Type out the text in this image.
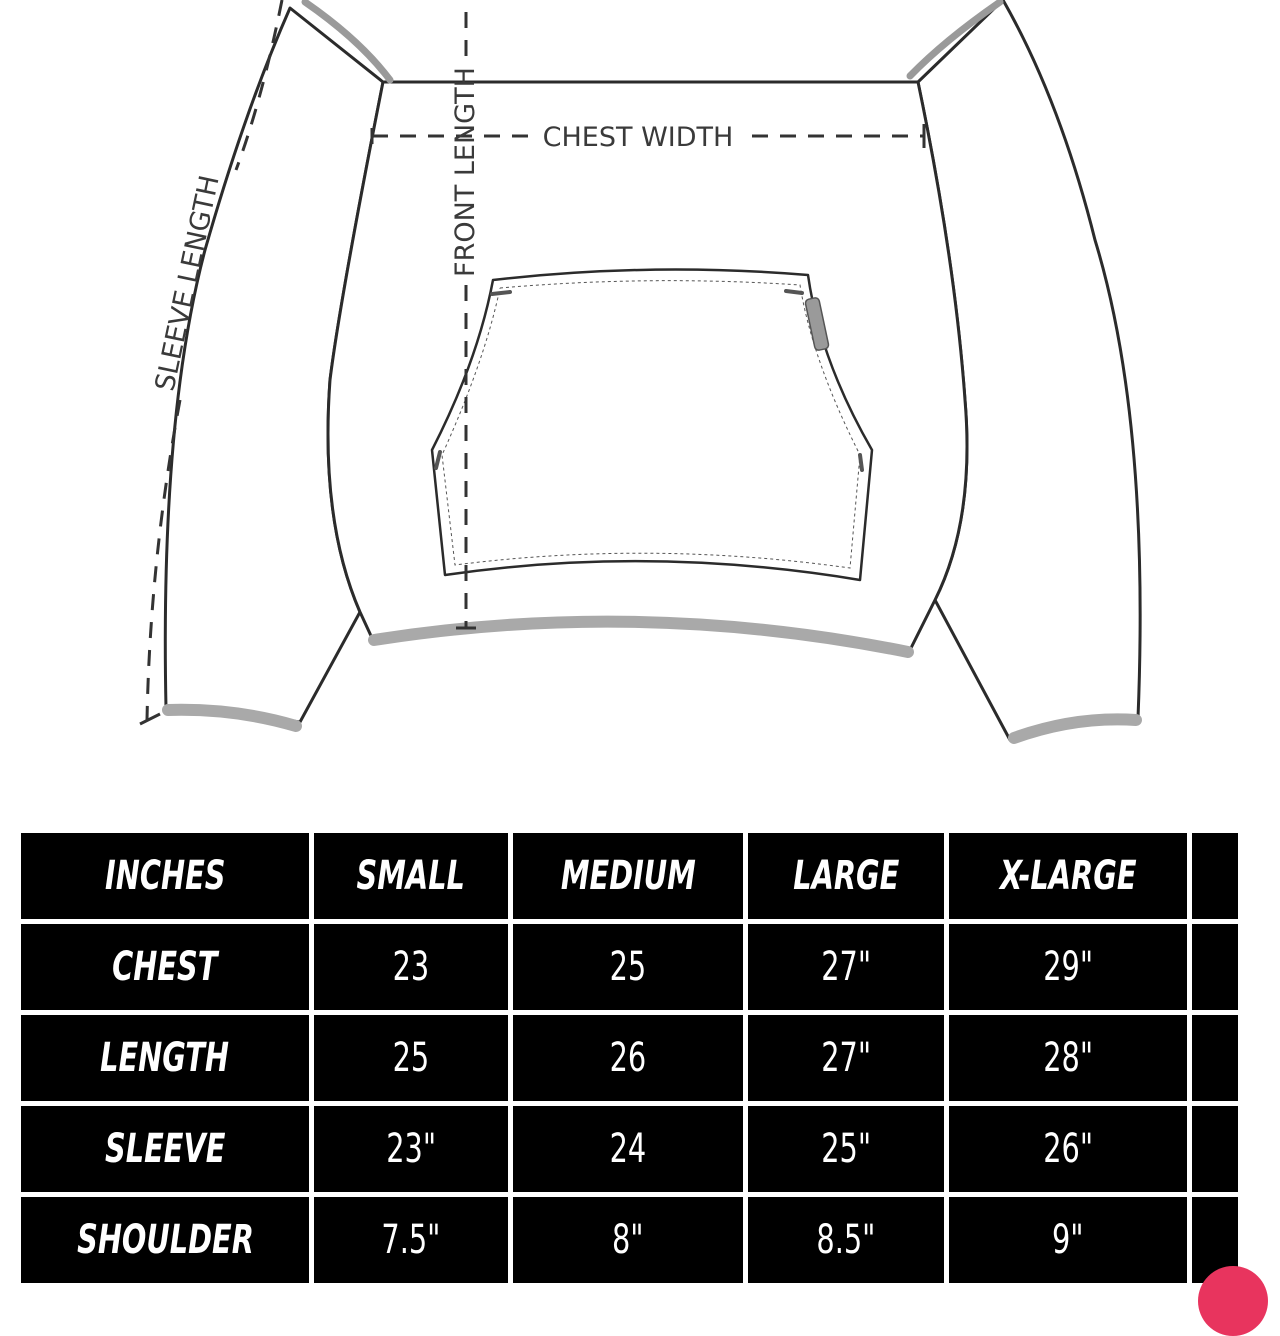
CHEST WIDTH
FRONT LENGTH
SLEEVE LENGTH
INCHES	SMALL	MEDIUM	LARGE	X-LARGE	
CHEST	23	25	27"	29"	
LENGTH	25	26	27"	28"	
SLEEVE	23"	24	25"	26"	
SHOULDER	7.5"	8"	8.5"	9"	
